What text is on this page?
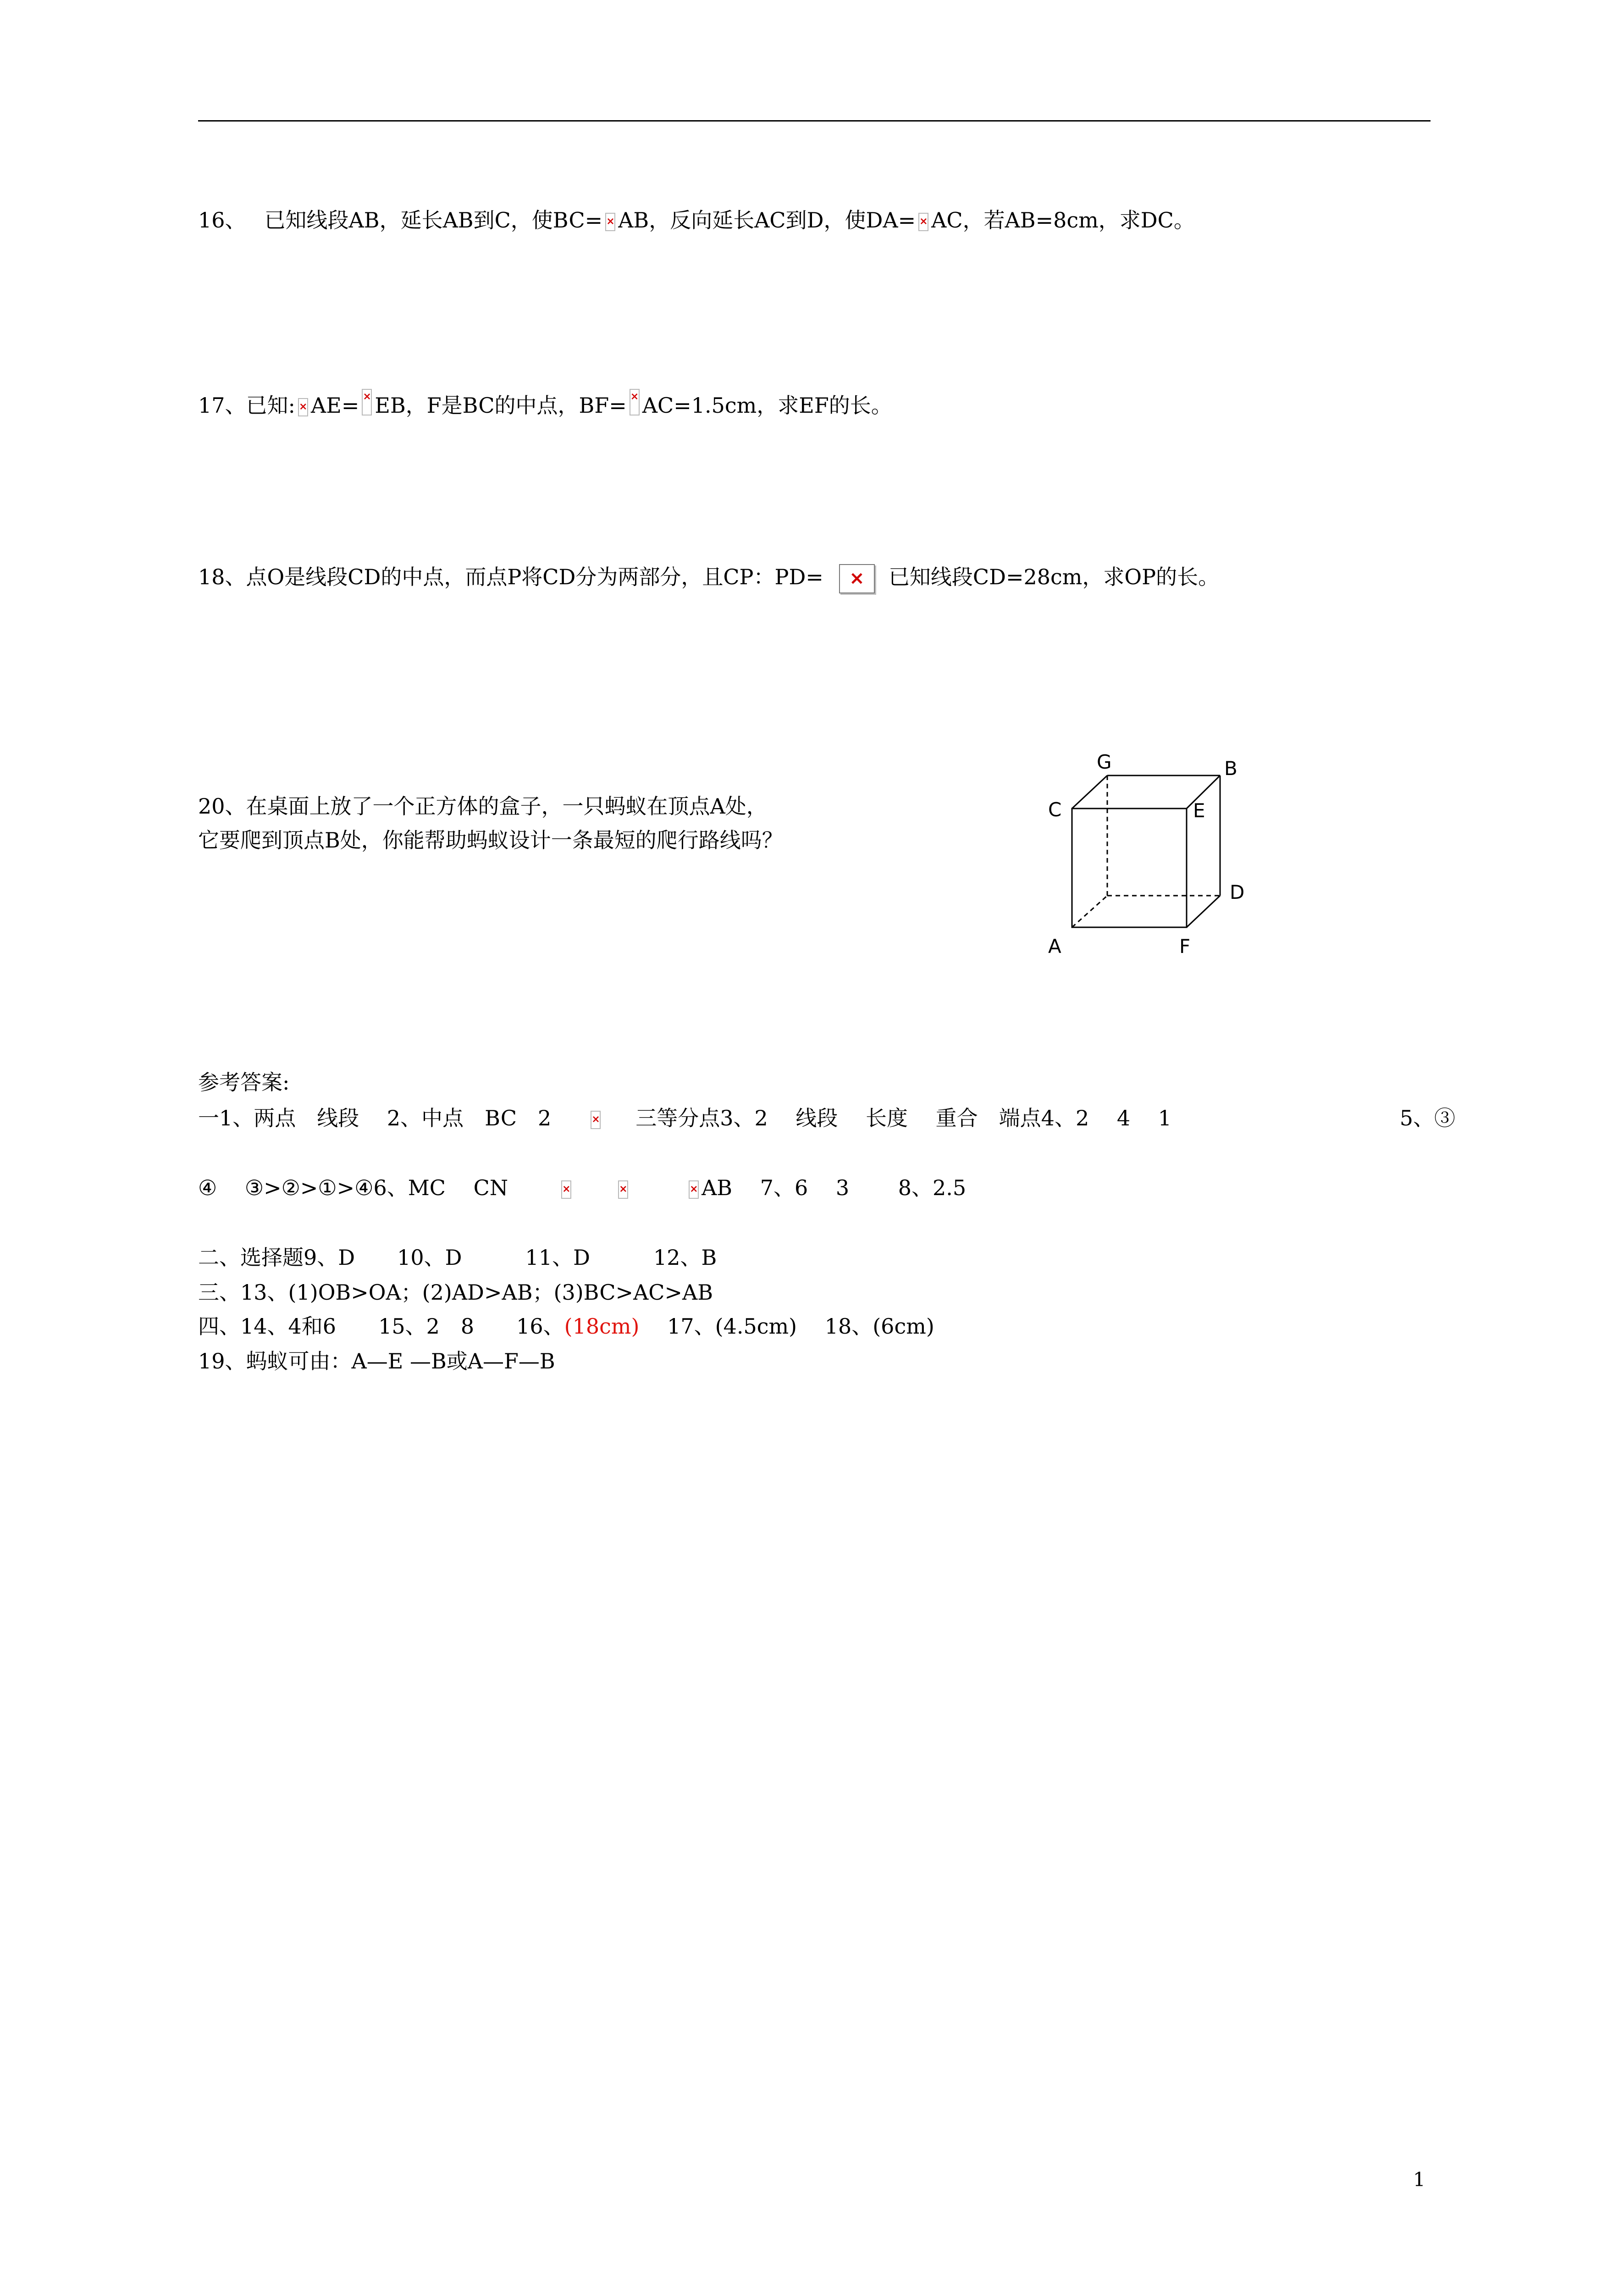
16、 已知线段AB，延长AB到C，使BC= × AB，反向延长AC到D，使DA= × AC，若AB=8cm，求DC。
17、已知: × AE= × EB，F是BC的中点，BF= × AC=1.5cm，求EF的长。
18、点O是线段CD的中点，而点P将CD分为两部分，且CP：PD= ×	已知线段CD=28cm，求OP的长。
20、在桌面上放了一个正方体的盒子，一只蚂蚁在顶点A处，
它要爬到顶点B处，你能帮助蚂蚁设计一条最短的爬行路线吗？
G	B
C	E
D
A	F
参考答案:
一1、两点　线段　 2、中点　BC　2 ×	三等分点3、2　 线段　 长度　 重合　端点4、2　 4　 1	5、③
④　 ③>②>①>④6、MC　 CN × × ×	AB　 7、6　 3　　 8、2.5
二、选择题9、D　　10、D　　　11、D　　　12、B
三、13、(1)OB>OA；(2)AD>AB；(3)BC>AC>AB
四、14、4和6　　15、2　8　　16、(18cm)　 17、(4.5cm)　 18、(6cm)
19、蚂蚁可由：A—E —B或A—F—B
1
